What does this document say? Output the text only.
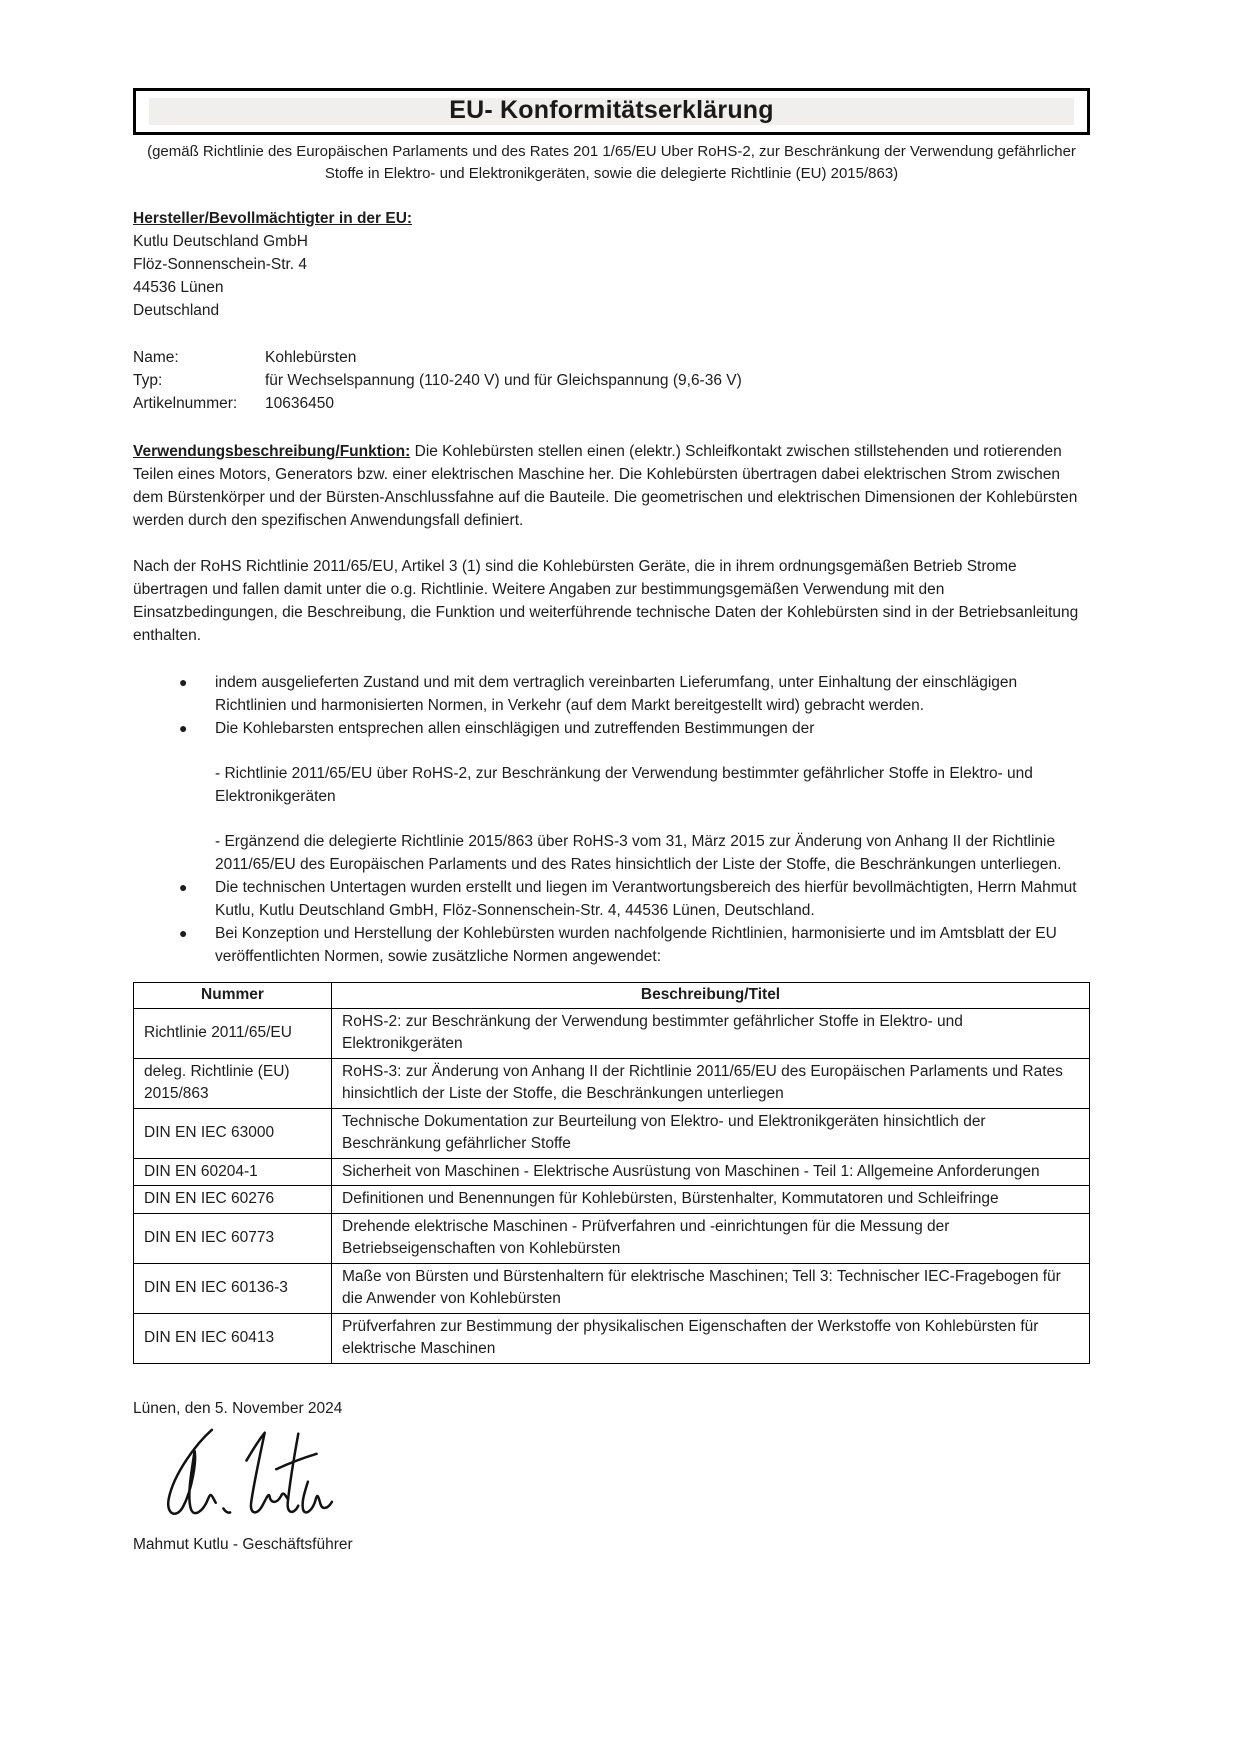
EU- Konformitätserklärung
(gemäß Richtlinie des Europäischen Parlaments und des Rates 201 1/65/EU Uber RoHS-2, zur Beschränkung der Verwendung gefährlicher Stoffe in Elektro- und Elektronikgeräten, sowie die delegierte Richtlinie (EU) 2015/863)
Hersteller/Bevollmächtigter in der EU:
Kutlu Deutschland GmbH
Flöz-Sonnenschein-Str. 4
44536 Lünen
Deutschland
Name:	Kohlebürsten
Typ:	für Wechselspannung (110-240 V) und für Gleichspannung (9,6-36 V)
Artikelnummer:	10636450

Verwendungsbeschreibung/Funktion: Die Kohlebürsten stellen einen (elektr.) Schleifkontakt zwischen stillstehenden und rotierenden Teilen eines Motors, Generators bzw. einer elektrischen Maschine her. Die Kohlebürsten übertragen dabei elektrischen Strom zwischen dem Bürstenkörper und der Bürsten-Anschlussfahne auf die Bauteile. Die geometrischen und elektrischen Dimensionen der Kohlebürsten werden durch den spezifischen Anwendungsfall definiert.

Nach der RoHS Richtlinie 2011/65/EU, Artikel 3 (1) sind die Kohlebürsten Geräte, die in ihrem ordnungsgemäßen Betrieb Strome übertragen und fallen damit unter die o.g. Richtlinie. Weitere Angaben zur bestimmungsgemäßen Verwendung mit den Einsatzbedingungen, die Beschreibung, die Funktion und weiterführende technische Daten der Kohlebürsten sind in der Betriebsanleitung enthalten.

● indem ausgelieferten Zustand und mit dem vertraglich vereinbarten Lieferumfang, unter Einhaltung der einschlägigen Richtlinien und harmonisierten Normen, in Verkehr (auf dem Markt bereitgestellt wird) gebracht werden.
● Die Kohlebarsten entsprechen allen einschlägigen und zutreffenden Bestimmungen der
- Richtlinie 2011/65/EU über RoHS-2, zur Beschränkung der Verwendung bestimmter gefährlicher Stoffe in Elektro- und Elektronikgeräten
- Ergänzend die delegierte Richtlinie 2015/863 über RoHS-3 vom 31, März 2015 zur Änderung von Anhang II der Richtlinie 2011/65/EU des Europäischen Parlaments und des Rates hinsichtlich der Liste der Stoffe, die Beschränkungen unterliegen.
● Die technischen Untertagen wurden erstellt und liegen im Verantwortungsbereich des hierfür bevollmächtigten, Herrn Mahmut Kutlu, Kutlu Deutschland GmbH, Flöz-Sonnenschein-Str. 4, 44536 Lünen, Deutschland.
● Bei Konzeption und Herstellung der Kohlebürsten wurden nachfolgende Richtlinien, harmonisierte und im Amtsblatt der EU veröffentlichten Normen, sowie zusätzliche Normen angewendet:
Nummer	Beschreibung/Titel
Richtlinie 2011/65/EU	RoHS-2: zur Beschränkung der Verwendung bestimmter gefährlicher Stoffe in Elektro- und Elektronikgeräten
deleg. Richtlinie (EU) 2015/863	RoHS-3: zur Änderung von Anhang II der Richtlinie 2011/65/EU des Europäischen Parlaments und Rates hinsichtlich der Liste der Stoffe, die Beschränkungen unterliegen
DIN EN IEC 63000	Technische Dokumentation zur Beurteilung von Elektro- und Elektronikgeräten hinsichtlich der Beschränkung gefährlicher Stoffe
DIN EN 60204-1	Sicherheit von Maschinen - Elektrische Ausrüstung von Maschinen - Teil 1: Allgemeine Anforderungen
DIN EN IEC 60276	Definitionen und Benennungen für Kohlebürsten, Bürstenhalter, Kommutatoren und Schleifringe
DIN EN IEC 60773	Drehende elektrische Maschinen - Prüfverfahren und -einrichtungen für die Messung der Betriebseigenschaften von Kohlebürsten
DIN EN IEC 60136-3	Maße von Bürsten und Bürstenhaltern für elektrische Maschinen; Tell 3: Technischer IEC-Fragebogen für die Anwender von Kohlebürsten
DIN EN IEC 60413	Prüfverfahren zur Bestimmung der physikalischen Eigenschaften der Werkstoffe von Kohlebürsten für elektrische Maschinen
Lünen, den 5. November 2024
Mahmut Kutlu - Geschäftsführer
